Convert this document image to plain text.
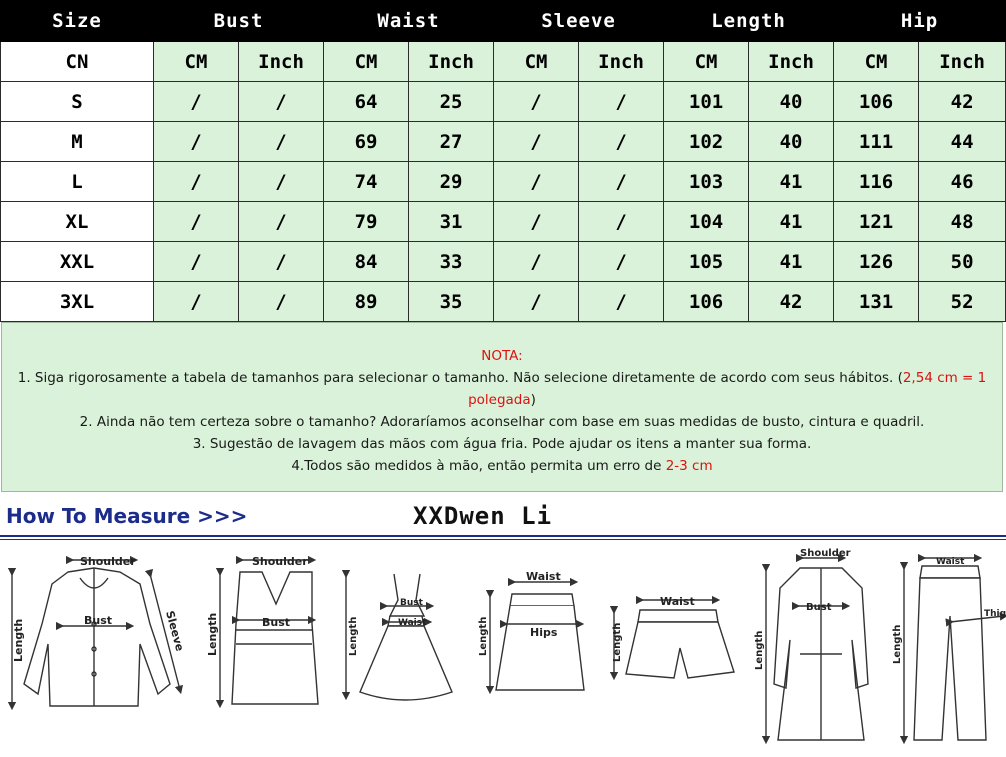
Size	Bust		Waist		Sleeve		Length		Hip	
CN	CM	Inch	CM	Inch	CM	Inch	CM	Inch	CM	Inch
S	/	/	64	25	/	/	101	40	106	42
M	/	/	69	27	/	/	102	40	111	44
L	/	/	74	29	/	/	103	41	116	46
XL	/	/	79	31	/	/	104	41	121	48
XXL	/	/	84	33	/	/	105	41	126	50
3XL	/	/	89	35	/	/	106	42	131	52
NOTA:
1. Siga rigorosamente a tabela de tamanhos para selecionar o tamanho. Não selecione diretamente de acordo com seus hábitos. (2,54 cm = 1 polegada)
2. Ainda não tem certeza sobre o tamanho? Adoraríamos aconselhar com base em suas medidas de busto, cintura e quadril.
3. Sugestão de lavagem das mãos com água fria. Pode ajudar os itens a manter sua forma.
4.Todos são medidos à mão, então permita um erro de 2-3 cm
How To Measure >>>	XXDwen Li
Shoulder
Bust
Length	Sleeve
Shoulder
Bust
Length
Bust
Waist
Length
Waist
Hips
Length
Waist
Length
Shoulder
Bust
Length
Waist
Thig
Length
